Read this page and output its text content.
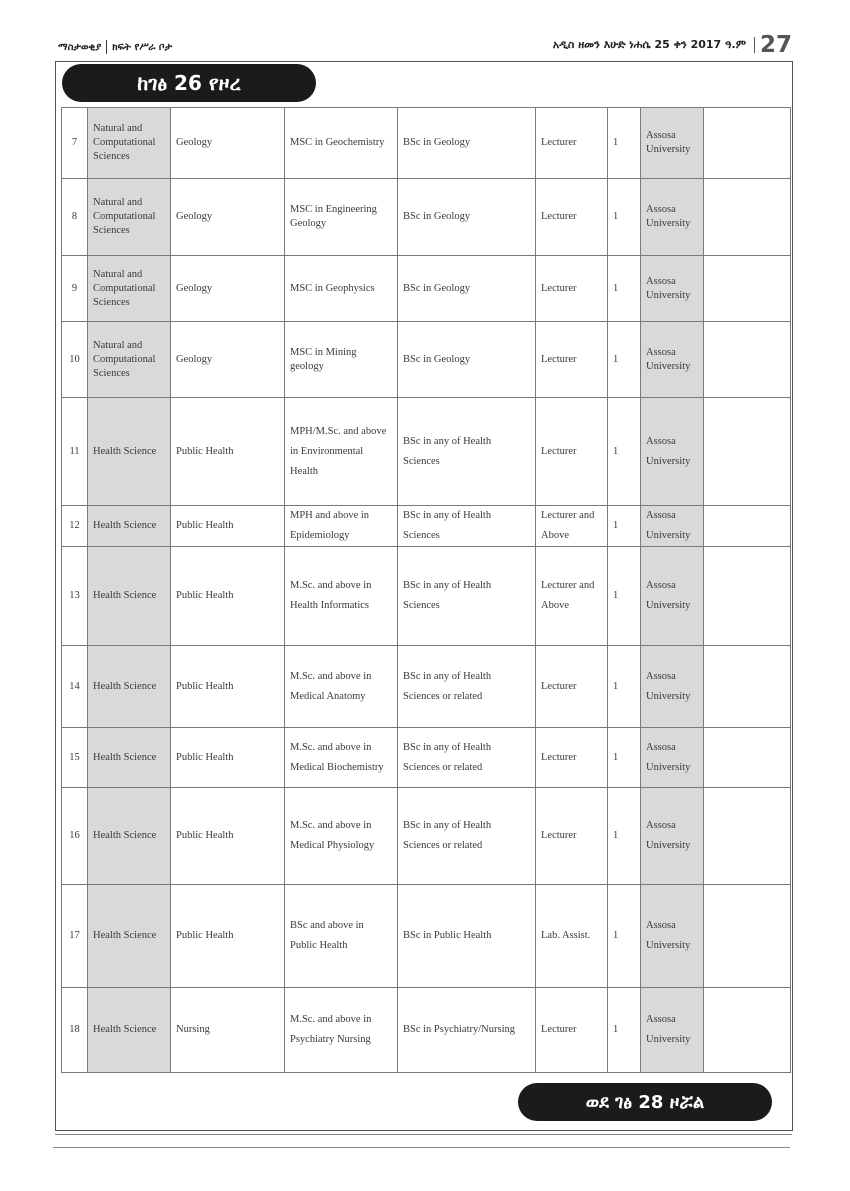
ማስታወቂያ ክፍት የሥራ ቦታ	አዲስ ዘመን እሁድ ነሐሴ 25 ቀን 2017 ዓ.ም 27
ከገፅ 26 የዞረ
7	Natural and Computational Sciences	Geology	MSC in Geochemistry	BSc in Geology	Lecturer	1	Assosa University	
8	Natural and Computational Sciences	Geology	MSC in Engineering Geology	BSc in Geology	Lecturer	1	Assosa University	
9	Natural and Computational Sciences	Geology	MSC in Geophysics	BSc in Geology	Lecturer	1	Assosa University	
10	Natural and Computational Sciences	Geology	MSC in Mining geology	BSc in Geology	Lecturer	1	Assosa University	
11	Health Science	Public Health	MPH/M.Sc. and above in Environmental Health	BSc in any of Health Sciences	Lecturer	1	Assosa University	
12	Health Science	Public Health	MPH and above in Epidemiology	BSc in any of Health Sciences	Lecturer and Above	1	Assosa University	
13	Health Science	Public Health	M.Sc. and above in Health Informatics	BSc in any of Health Sciences	Lecturer and Above	1	Assosa University	
14	Health Science	Public Health	M.Sc. and above in Medical Anatomy	BSc in any of Health Sciences or related	Lecturer	1	Assosa University	
15	Health Science	Public Health	M.Sc. and above in Medical Biochemistry	BSc in any of Health Sciences or related	Lecturer	1	Assosa University	
16	Health Science	Public Health	M.Sc. and above in Medical Physiology	BSc in any of Health Sciences or related	Lecturer	1	Assosa University	
17	Health Science	Public Health	BSc and above in Public Health	BSc in Public Health	Lab. Assist.	1	Assosa University	
18	Health Science	Nursing	M.Sc. and above in Psychiatry Nursing	BSc in Psychiatry/Nursing	Lecturer	1	Assosa University	
ወደ ገፅ 28 ዞሯል
